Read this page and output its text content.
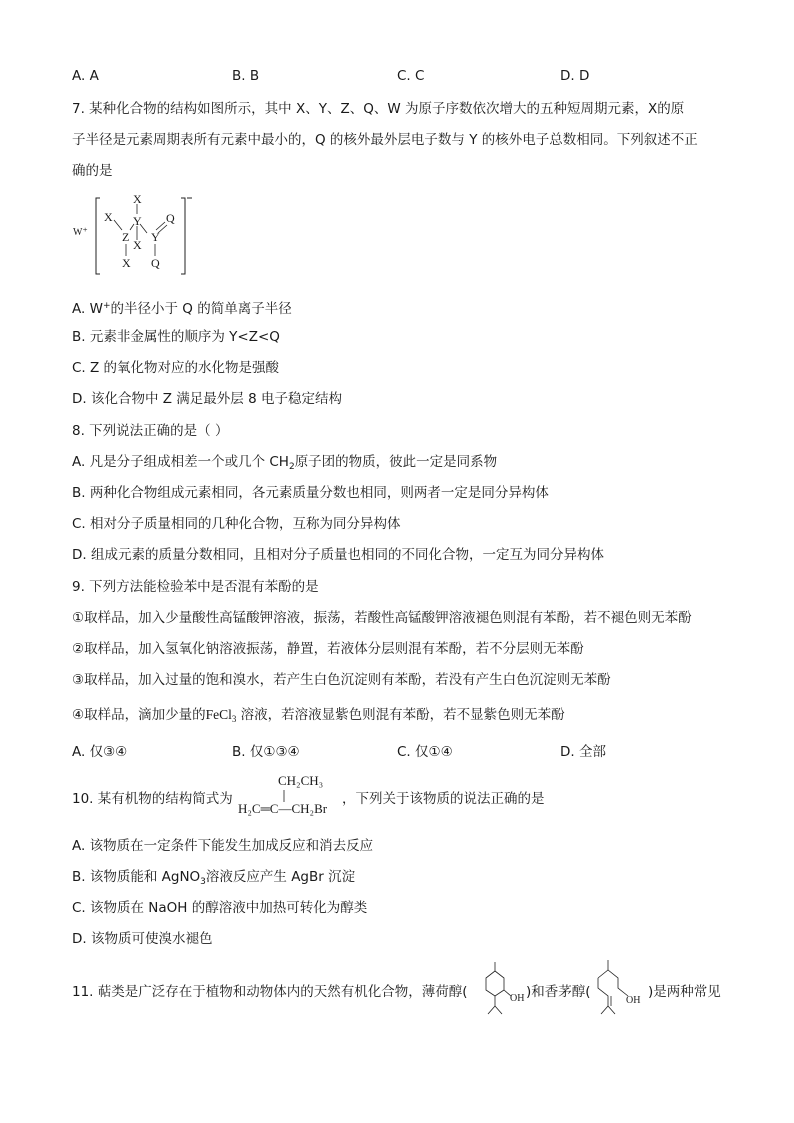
A. A	B. B	C. C	D. D
7. 某种化合物的结构如图所示，其中 X、Y、Z、Q、W 为原子序数依次增大的五种短周期元素，X的原
子半径是元素周期表所有元素中最小的，Q 的核外最外层电子数与 Y 的核外电子总数相同。下列叙述不正
确的是
W⁺
X
X Y Q
Z Y
X
X Q
A. W+的半径小于 Q 的简单离子半径
B. 元素非金属性的顺序为 Y<Z<Q
C. Z 的氧化物对应的水化物是强酸
D. 该化合物中 Z 满足最外层 8 电子稳定结构
8. 下列说法正确的是（ ）
A. 凡是分子组成相差一个或几个 $CH_2$原子团的物质，彼此一定是同系物
B. 两种化合物组成元素相同，各元素质量分数也相同，则两者一定是同分异构体
C. 相对分子质量相同的几种化合物，互称为同分异构体
D. 组成元素的质量分数相同，且相对分子质量也相同的不同化合物，一定互为同分异构体
9. 下列方法能检验苯中是否混有苯酚的是
①取样品，加入少量酸性高锰酸钾溶液，振荡，若酸性高锰酸钾溶液褪色则混有苯酚，若不褪色则无苯酚
②取样品，加入氢氧化钠溶液振荡，静置，若液体分层则混有苯酚，若不分层则无苯酚
③取样品，加入过量的饱和溴水，若产生白色沉淀则有苯酚，若没有产生白色沉淀则无苯酚
④取样品，滴加少量的FeCl$_3$ 溶液，若溶液显紫色则混有苯酚，若不显紫色则无苯酚
A. 仅③④	B. 仅①③④	C. 仅①④	D. 全部
10. 某有机物的结构简式为
CH₂CH₃
H₂C═C—CH₂Br
，下列关于该物质的说法正确的是
A. 该物质在一定条件下能发生加成反应和消去反应
B. 该物质能和 AgNO$_3$溶液反应产生 AgBr 沉淀
C. 该物质在 NaOH 的醇溶液中加热可转化为醇类
D. 该物质可使溴水褪色
11. 萜类是广泛存在于植物和动物体内的天然有机化合物，薄荷醇(	OH )和香茅醇(
OH
)是两种常见
